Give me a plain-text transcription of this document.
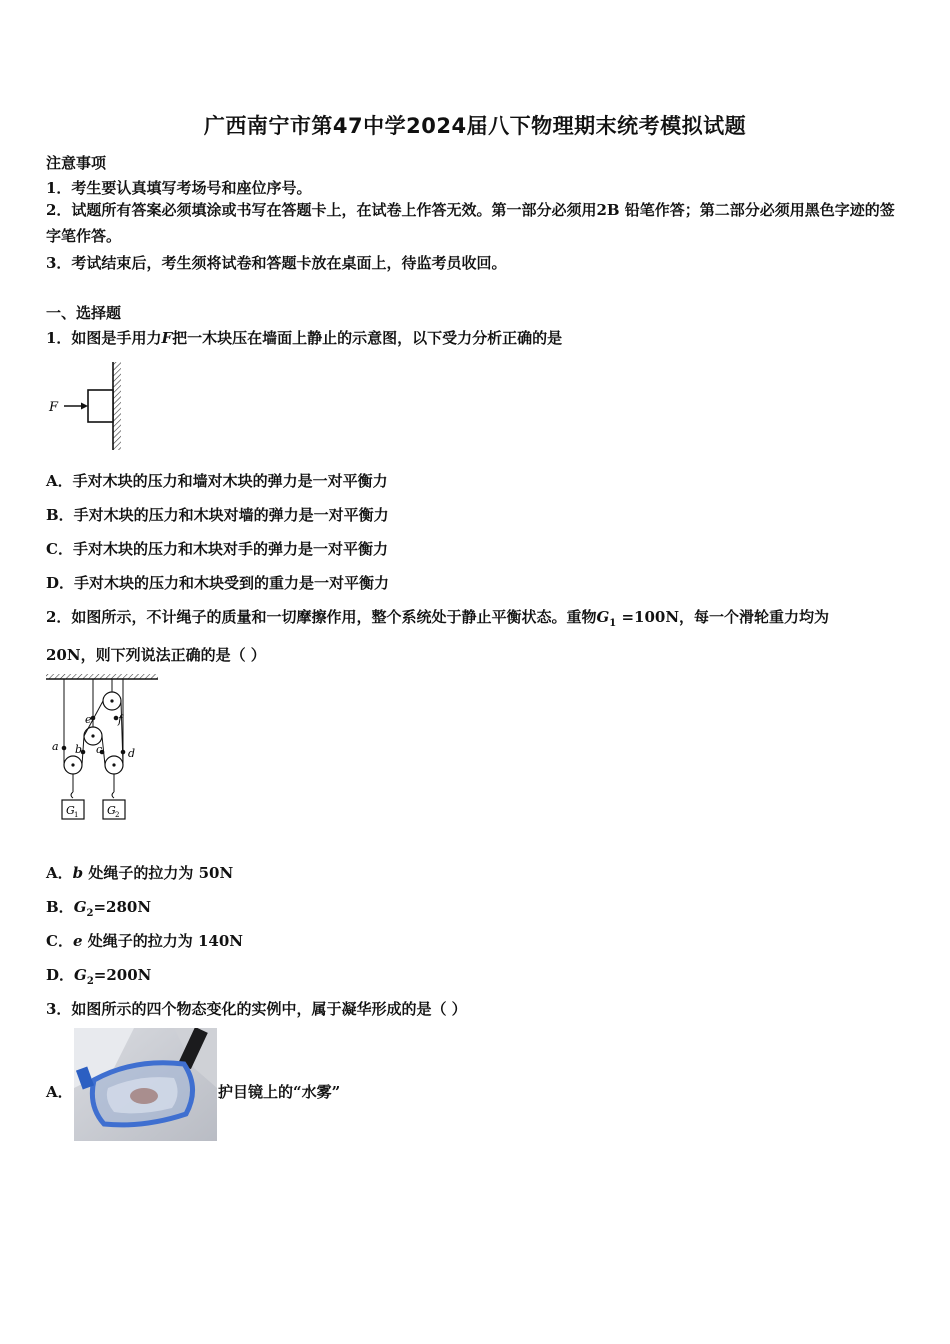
广西南宁市第47中学2024届八下物理期末统考模拟试题
注意事项
1．考生要认真填写考场号和座位序号。
2．试题所有答案必须填涂或书写在答题卡上，在试卷上作答无效。第一部分必须用2B 铅笔作答；第二部分必须用黑色字迹的签字笔作答。
3．考试结束后，考生须将试卷和答题卡放在桌面上，待监考员收回。
一、选择题
1．如图是手用力F把一木块压在墙面上静止的示意图，以下受力分析正确的是
F
A．手对木块的压力和墙对木块的弹力是一对平衡力
B．手对木块的压力和木块对墙的弹力是一对平衡力
C．手对木块的压力和木块对手的弹力是一对平衡力
D．手对木块的压力和木块受到的重力是一对平衡力
2．如图所示，不计绳子的质量和一切摩擦作用，整个系统处于静止平衡状态。重物$G_1 =100N$，每一个滑轮重力均为
20N，则下列说法正确的是（ ）
G 1	G 2
a b c d
e f
A．b 处绳子的拉力为 50N
B．$G_2=280N$
C．e 处绳子的拉力为 140N
D．$G_2=200N$
3．如图所示的四个物态变化的实例中，属于凝华形成的是（ ）
A．	护目镜上的“水雾”
